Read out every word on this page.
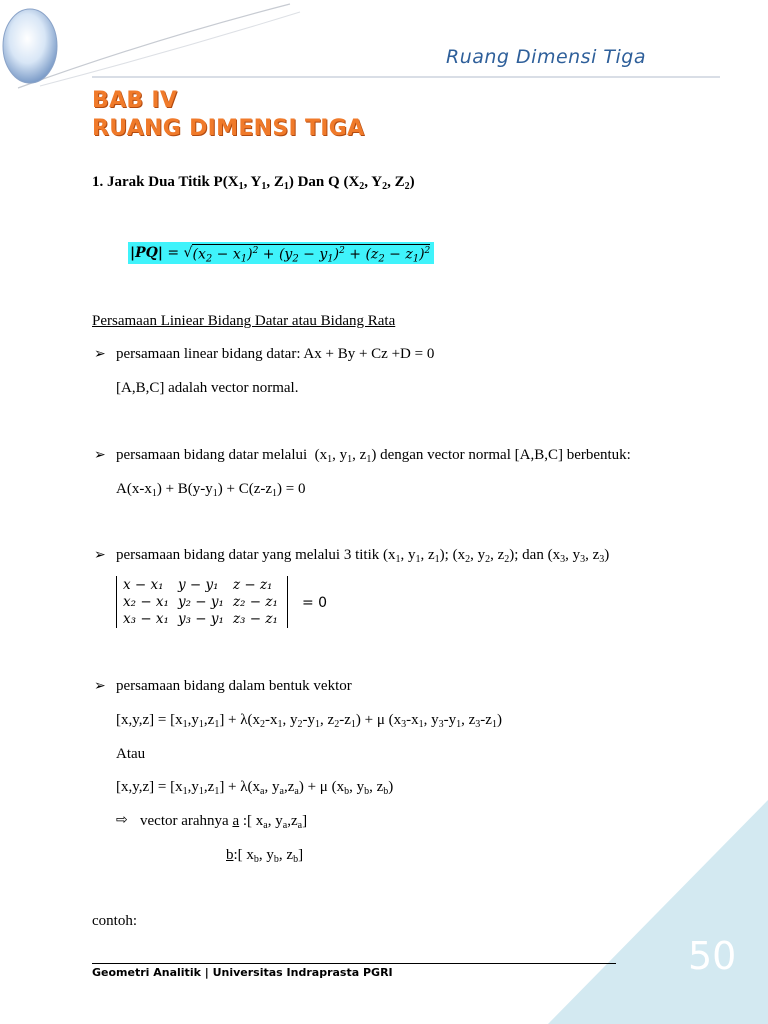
Ruang Dimensi Tiga
BAB IV
RUANG DIMENSI TIGA
1. Jarak Dua Titik $P(X_1$, $Y_1$, $Z_1$) Dan Q ($X_2$, $Y_2$, $Z_2$)
| PQ | = √ $(x_2 - x_1)^2 + (y_2 - y_1)^2 + (z_2 - z_1)^2$
Persamaan Liniear Bidang Datar atau Bidang Rata
➢ persamaan linear bidang datar: Ax + By + Cz +D = 0
[A,B,C] adalah vector normal.
➢ persamaan bidang datar melalui  ($x_1$, $y_1$, $z_1$) dengan vector normal [A,B,C] berbentuk:
$A(x-x_1) + B(y-y_1) + C(z-z_1) = 0$
➢ persamaan bidang datar yang melalui 3 titik ($x_1$, $y_1$, $z_1$); ($x_2$, $y_2$, $z_2$); dan ($x_3$, $y_3$, $z_3$)
x − x₁	y − y₁	z − z₁
x₂ − x₁	y₂ − y₁	z₂ − z₁
x₃ − x₁	y₃ − y₁	z₃ − z₁
= 0
➢ persamaan bidang dalam bentuk vektor
$[x,y,z] = [x_1,y_1,z_1] + \lambda(x_2-x_1$, $y_2-y_1$, $z_2-z_1) + \mu$ ($x_3-x_1$, $y_3-y_1$, $z_3-z_1$)
Atau
$[x,y,z] = [x_1,y_1,z_1] + \lambda(x_a$, $y_a,z_a) + \mu$ ($x_b$, $y_b$, $z_b$)
⇨ vector arahnya a :[ $x_a$, $y_a,z_a$]
b:[ $x_b$, $y_b$, $z_b$]
contoh:
Geometri Analitik | Universitas Indraprasta PGRI	50
